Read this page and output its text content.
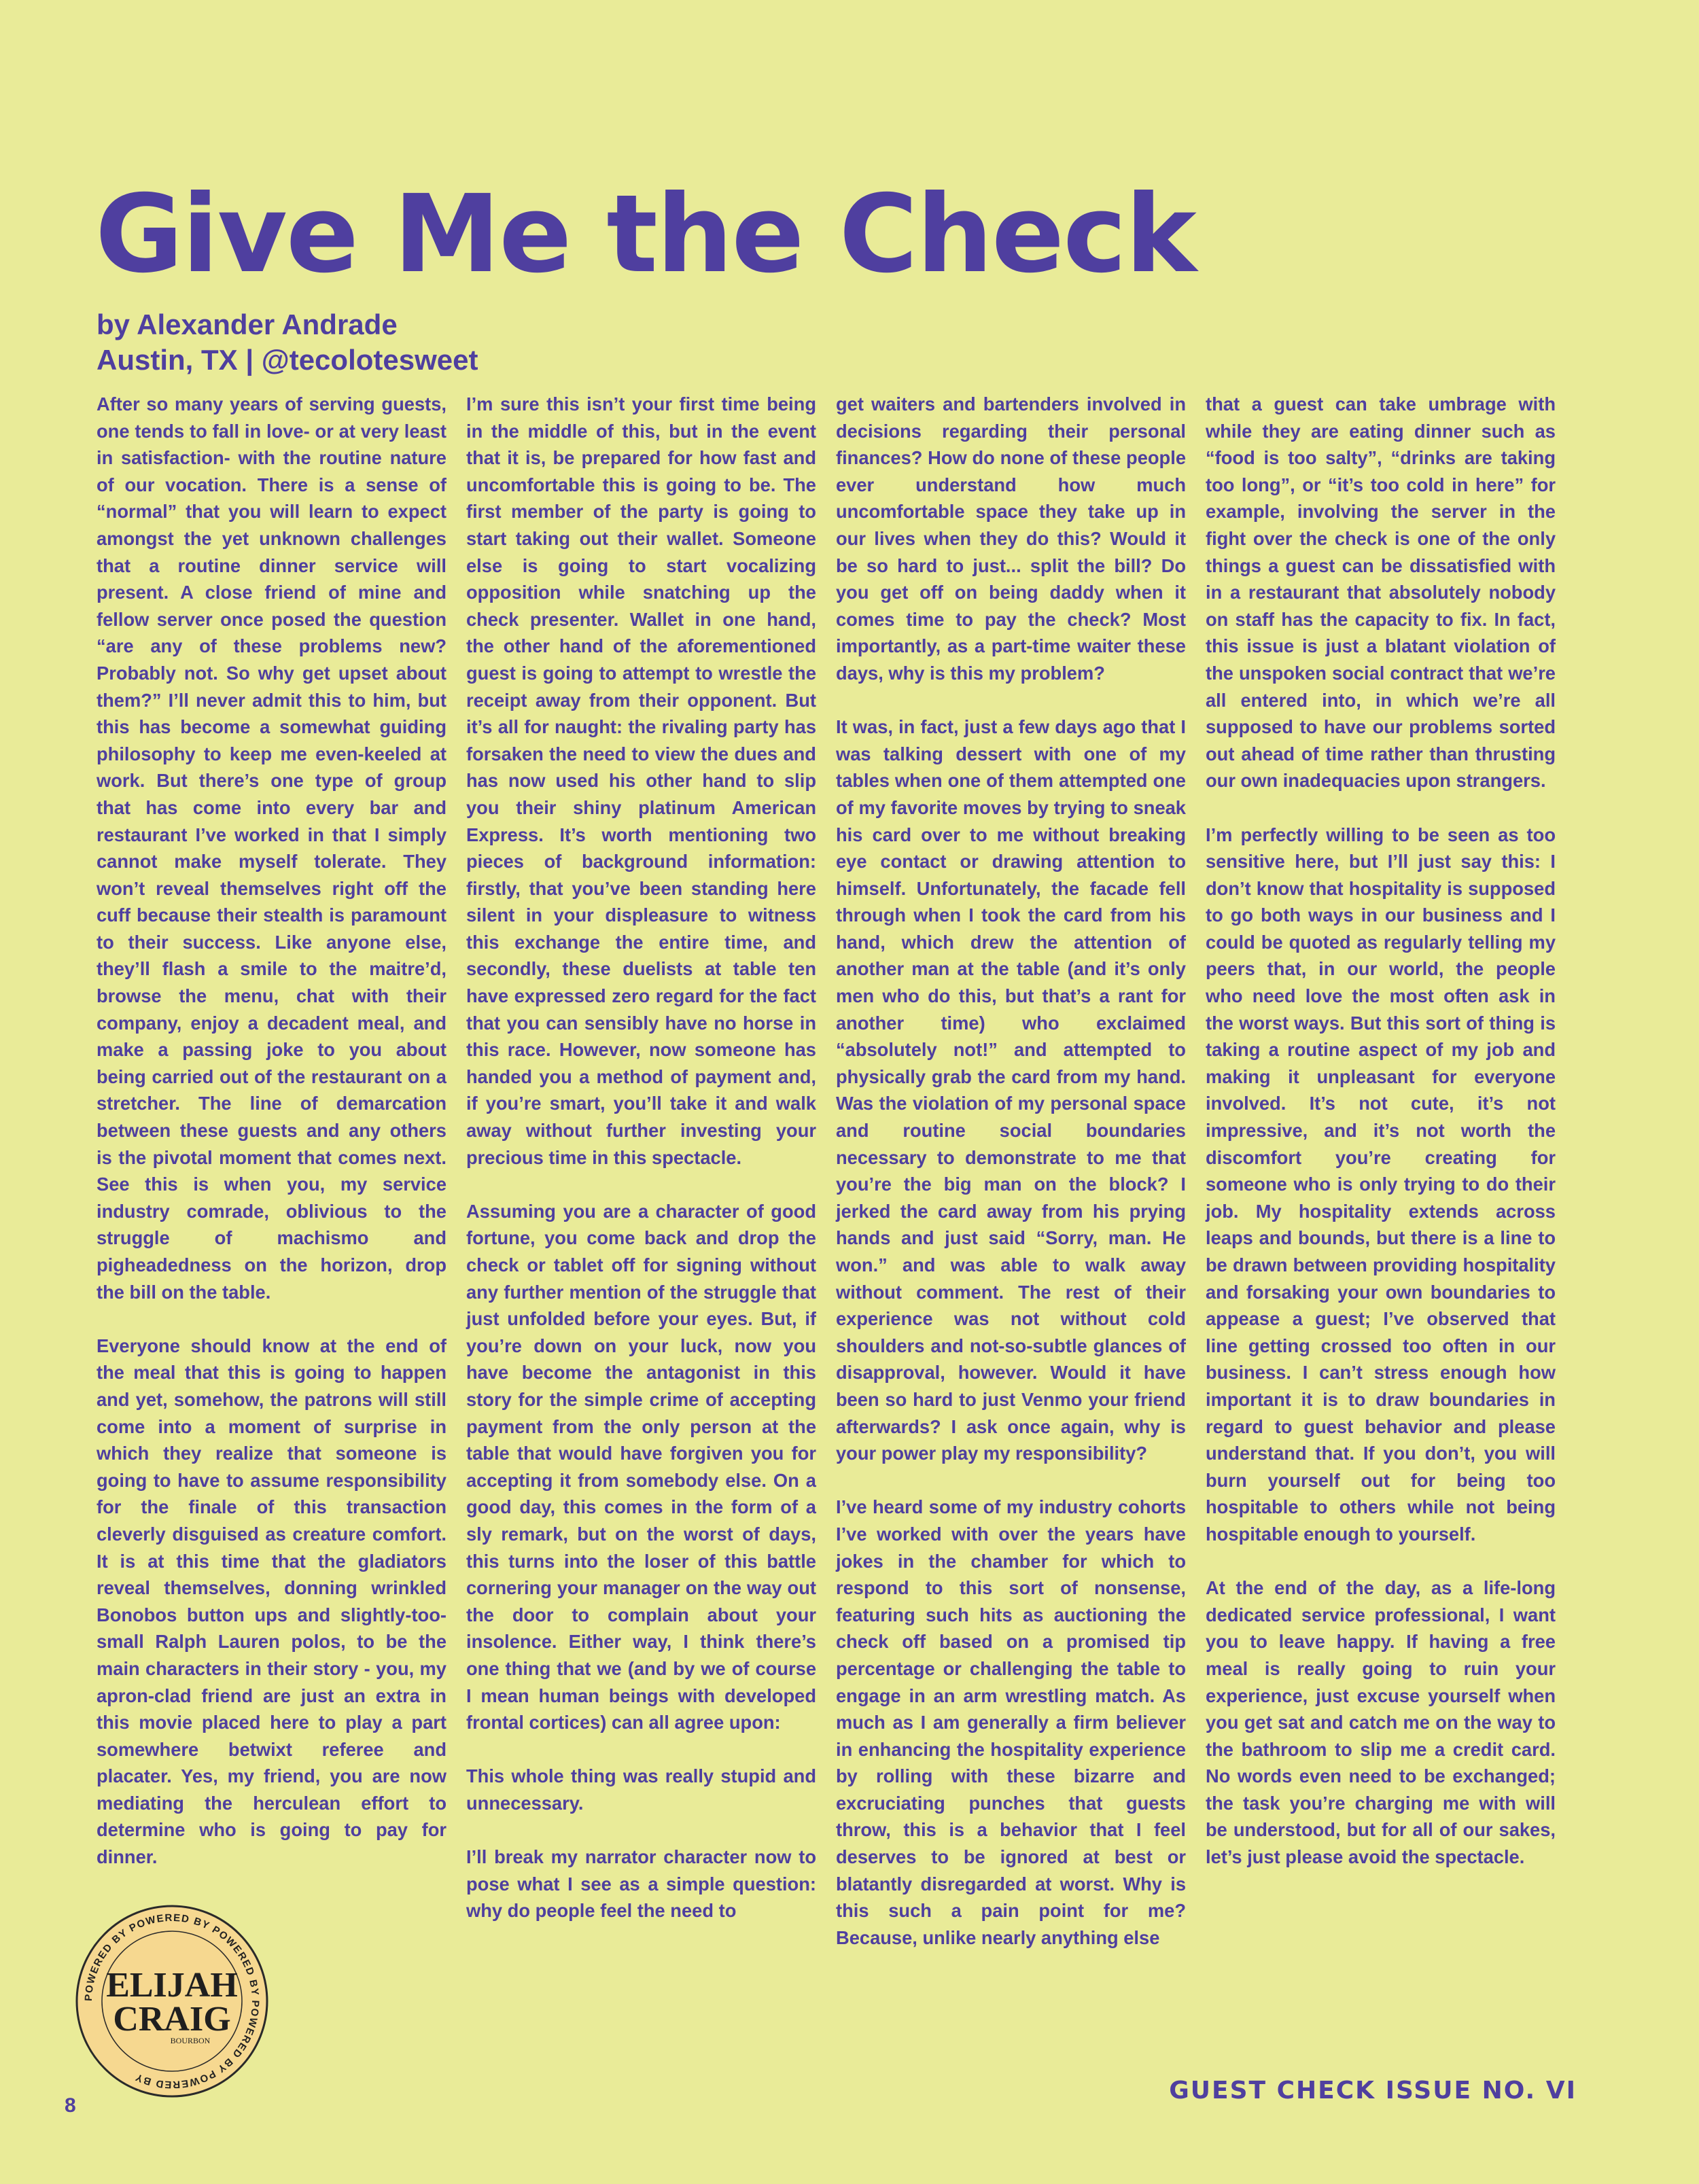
Give Me the Check
by Alexander Andrade
Austin, TX | @tecolotesweet

After so many years of serving guests, one tends to fall in love- or at very least in satisfaction- with the routine nature of our vocation. There is a sense of “normal” that you will learn to expect amongst the yet unknown challenges that a routine dinner service will present. A close friend of mine and fellow server once posed the question “are any of these problems new? Probably not. So why get upset about them?” I’ll never admit this to him, but this has become a somewhat guiding philosophy to keep me even-keeled at work. But there’s one type of group that has come into every bar and restaurant I’ve worked in that I simply cannot make myself tolerate. They won’t reveal themselves right off the cuff because their stealth is paramount to their success. Like anyone else, they’ll flash a smile to the maitre’d, browse the menu, chat with their company, enjoy a decadent meal, and make a passing joke to you about being carried out of the restaurant on a stretcher. The line of demarcation between these guests and any others is the pivotal moment that comes next. See this is when you, my service industry comrade, oblivious to the struggle of machismo and pigheadedness on the horizon, drop the bill on the table.

Everyone should know at the end of the meal that this is going to happen and yet, somehow, the patrons will still come into a moment of surprise in which they realize that someone is going to have to assume responsibility for the finale of this transaction cleverly disguised as creature comfort. It is at this time that the gladiators reveal themselves, donning wrinkled Bonobos button ups and slightly-too-small Ralph Lauren polos, to be the main characters in their story - you, my apron-clad friend are just an extra in this movie placed here to play a part somewhere betwixt referee and placater. Yes, my friend, you are now mediating the herculean effort to determine who is going to pay for dinner.

I’m sure this isn’t your first time being in the middle of this, but in the event that it is, be prepared for how fast and uncomfortable this is going to be. The first member of the party is going to start taking out their wallet. Someone else is going to start vocalizing opposition while snatching up the check presenter. Wallet in one hand, the other hand of the aforementioned guest is going to attempt to wrestle the receipt away from their opponent. But it’s all for naught: the rivaling party has forsaken the need to view the dues and has now used his other hand to slip you their shiny platinum American Express. It’s worth mentioning two pieces of background information: firstly, that you’ve been standing here silent in your displeasure to witness this exchange the entire time, and secondly, these duelists at table ten have expressed zero regard for the fact that you can sensibly have no horse in this race. However, now someone has handed you a method of payment and, if you’re smart, you’ll take it and walk away without further investing your precious time in this spectacle.

Assuming you are a character of good fortune, you come back and drop the check or tablet off for signing without any further mention of the struggle that just unfolded before your eyes. But, if you’re down on your luck, now you have become the antagonist in this story for the simple crime of accepting payment from the only person at the table that would have forgiven you for accepting it from somebody else. On a good day, this comes in the form of a sly remark, but on the worst of days, this turns into the loser of this battle cornering your manager on the way out the door to complain about your insolence. Either way, I think there’s one thing that we (and by we of course I mean human beings with developed frontal cortices) can all agree upon:

This whole thing was really stupid and unnecessary.

I’ll break my narrator character now to pose what I see as a simple question: why do people feel the need to

get waiters and bartenders involved in decisions regarding their personal finances? How do none of these people ever understand how much uncomfortable space they take up in our lives when they do this? Would it be so hard to just... split the bill? Do you get off on being daddy when it comes time to pay the check? Most importantly, as a part-time waiter these days, why is this my problem?

It was, in fact, just a few days ago that I was talking dessert with one of my tables when one of them attempted one of my favorite moves by trying to sneak his card over to me without breaking eye contact or drawing attention to himself. Unfortunately, the facade fell through when I took the card from his hand, which drew the attention of another man at the table (and it’s only men who do this, but that’s a rant for another time) who exclaimed “absolutely not!” and attempted to physically grab the card from my hand. Was the violation of my personal space and routine social boundaries necessary to demonstrate to me that you’re the big man on the block? I jerked the card away from his prying hands and just said “Sorry, man. He won.” and was able to walk away without comment. The rest of their experience was not without cold shoulders and not-so-subtle glances of disapproval, however. Would it have been so hard to just Venmo your friend afterwards? I ask once again, why is your power play my responsibility?

I’ve heard some of my industry cohorts I’ve worked with over the years have jokes in the chamber for which to respond to this sort of nonsense, featuring such hits as auctioning the check off based on a promised tip percentage or challenging the table to engage in an arm wrestling match. As much as I am generally a firm believer in enhancing the hospitality experience by rolling with these bizarre and excruciating punches that guests throw, this is a behavior that I feel deserves to be ignored at best or blatantly disregarded at worst. Why is this such a pain point for me? Because, unlike nearly anything else

that a guest can take umbrage with while they are eating dinner such as “food is too salty”, “drinks are taking too long”, or “it’s too cold in here” for example, involving the server in the fight over the check is one of the only things a guest can be dissatisfied with in a restaurant that absolutely nobody on staff has the capacity to fix. In fact, this issue is just a blatant violation of the unspoken social contract that we’re all entered into, in which we’re all supposed to have our problems sorted out ahead of time rather than thrusting our own inadequacies upon strangers.

I’m perfectly willing to be seen as too sensitive here, but I’ll just say this: I don’t know that hospitality is supposed to go both ways in our business and I could be quoted as regularly telling my peers that, in our world, the people who need love the most often ask in the worst ways. But this sort of thing is taking a routine aspect of my job and making it unpleasant for everyone involved. It’s not cute, it’s not impressive, and it’s not worth the discomfort you’re creating for someone who is only trying to do their job. My hospitality extends across leaps and bounds, but there is a line to be drawn between providing hospitality and forsaking your own boundaries to appease a guest; I’ve observed that line getting crossed too often in our business. I can’t stress enough how important it is to draw boundaries in regard to guest behavior and please understand that. If you don’t, you will burn yourself out for being too hospitable to others while not being hospitable enough to yourself.

At the end of the day, as a life-long dedicated service professional, I want you to leave happy. If having a free meal is really going to ruin your experience, just excuse yourself when you get sat and catch me on the way to the bathroom to slip me a credit card. No words even need to be exchanged; the task you’re charging me with will be understood, but for all of our sakes, let’s just please avoid the spectacle.

POWERED BY POWERED BY POWERED BY POWERED BY POWERED BY
ELIJAH
CRAIG
BOURBON
8
GUEST CHECK ISSUE NO. VI
